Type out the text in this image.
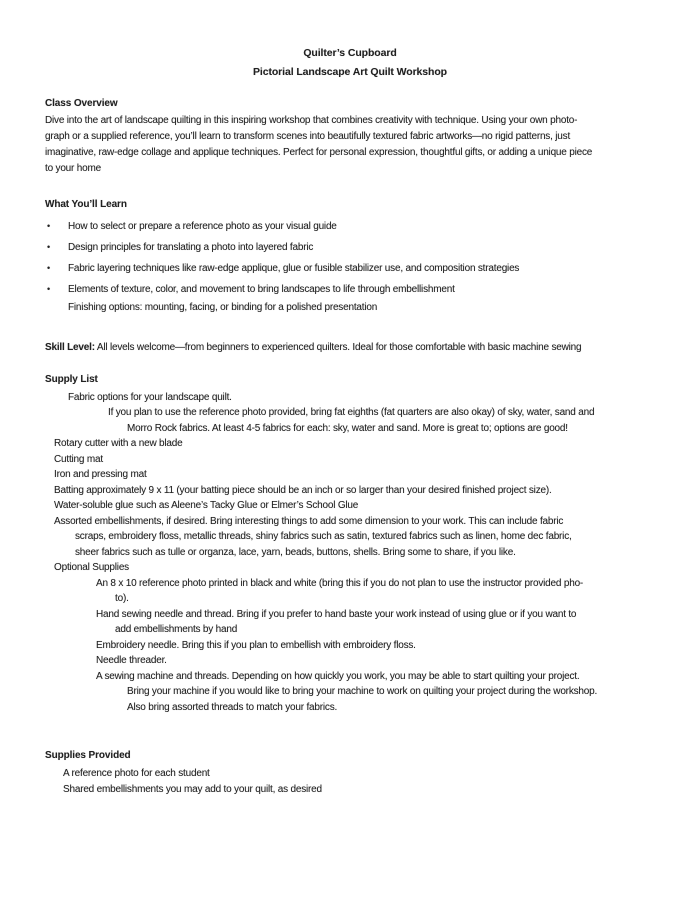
Quilter’s Cupboard
Pictorial Landscape Art Quilt Workshop
Class Overview
Dive into the art of landscape quilting in this inspiring workshop that combines creativity with technique. Using your own photo-
graph or a supplied reference, you’ll learn to transform scenes into beautifully textured fabric artworks—no rigid patterns, just
imaginative, raw-edge collage and applique techniques. Perfect for personal expression, thoughtful gifts, or adding a unique piece
to your home
What You’ll Learn
•	How to select or prepare a reference photo as your visual guide
•	Design principles for translating a photo into layered fabric
•	Fabric layering techniques like raw-edge applique, glue or fusible stabilizer use, and composition strategies
•	Elements of texture, color, and movement to bring landscapes to life through embellishment
Finishing options: mounting, facing, or binding for a polished presentation
Skill Level: All levels welcome—from beginners to experienced quilters. Ideal for those comfortable with basic machine sewing
Supply List
Fabric options for your landscape quilt.
If you plan to use the reference photo provided, bring fat eighths (fat quarters are also okay) of sky, water, sand and
Morro Rock fabrics. At least 4-5 fabrics for each: sky, water and sand. More is great to; options are good!
Rotary cutter with a new blade
Cutting mat
Iron and pressing mat
Batting approximately 9 x 11 (your batting piece should be an inch or so larger than your desired finished project size).
Water-soluble glue such as Aleene’s Tacky Glue or Elmer’s School Glue
Assorted embellishments, if desired. Bring interesting things to add some dimension to your work. This can include fabric
scraps, embroidery floss, metallic threads, shiny fabrics such as satin, textured fabrics such as linen, home dec fabric,
sheer fabrics such as tulle or organza, lace, yarn, beads, buttons, shells. Bring some to share, if you like.
Optional Supplies
An 8 x 10 reference photo printed in black and white (bring this if you do not plan to use the instructor provided pho-
to).
Hand sewing needle and thread. Bring if you prefer to hand baste your work instead of using glue or if you want to
add embellishments by hand
Embroidery needle. Bring this if you plan to embellish with embroidery floss.
Needle threader.
A sewing machine and threads. Depending on how quickly you work, you may be able to start quilting your project.
Bring your machine if you would like to bring your machine to work on quilting your project during the workshop.
Also bring assorted threads to match your fabrics.
Supplies Provided
A reference photo for each student
Shared embellishments you may add to your quilt, as desired
